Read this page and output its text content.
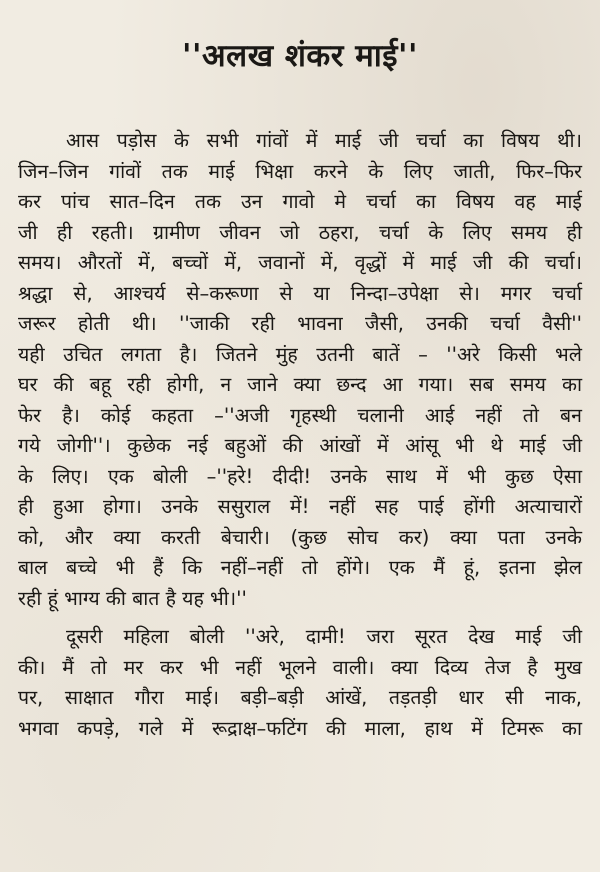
''अलख शंकर माई''

आस पड़ोस के सभी गांवों में माई जी चर्चा का विषय थी।
जिन–जिन गांवों तक माई भिक्षा करने के लिए जाती, फिर–फिर
कर पांच सात–दिन तक उन गावो मे चर्चा का विषय वह माई
जी ही रहती। ग्रामीण जीवन जो ठहरा, चर्चा के लिए समय ही
समय। औरतों में, बच्चों में, जवानों में, वृद्धों में माई जी की चर्चा।
श्रद्धा से, आश्चर्य से–करूणा से या निन्दा–उपेक्षा से। मगर चर्चा
जरूर होती थी। ''जाकी रही भावना जैसी, उनकी चर्चा वैसी''
यही उचित लगता है। जितने मुंह उतनी बातें – ''अरे किसी भले
घर की बहू रही होगी, न जाने क्या छन्द आ गया। सब समय का
फेर है। कोई कहता –''अजी गृहस्थी चलानी आई नहीं तो बन
गये जोगी''। कुछेक नई बहुओं की आंखों में आंसू भी थे माई जी
के लिए। एक बोली –''हरे! दीदी! उनके साथ में भी कुछ ऐसा
ही हुआ होगा। उनके ससुराल में! नहीं सह पाई होंगी अत्याचारों
को, और क्या करती बेचारी। (कुछ सोच कर) क्या पता उनके
बाल बच्चे भी हैं कि नहीं–नहीं तो होंगे। एक मैं हूं, इतना झेल
रही हूं भाग्य की बात है यह भी।''

दूसरी महिला बोली ''अरे, दामी! जरा सूरत देख माई जी
की। मैं तो मर कर भी नहीं भूलने वाली। क्या दिव्य तेज है मुख
पर, साक्षात गौरा माई। बड़ी–बड़ी आंखें, तड़तड़ी धार सी नाक,
भगवा कपड़े, गले में रूद्राक्ष–फटिंग की माला, हाथ में टिमरू का
